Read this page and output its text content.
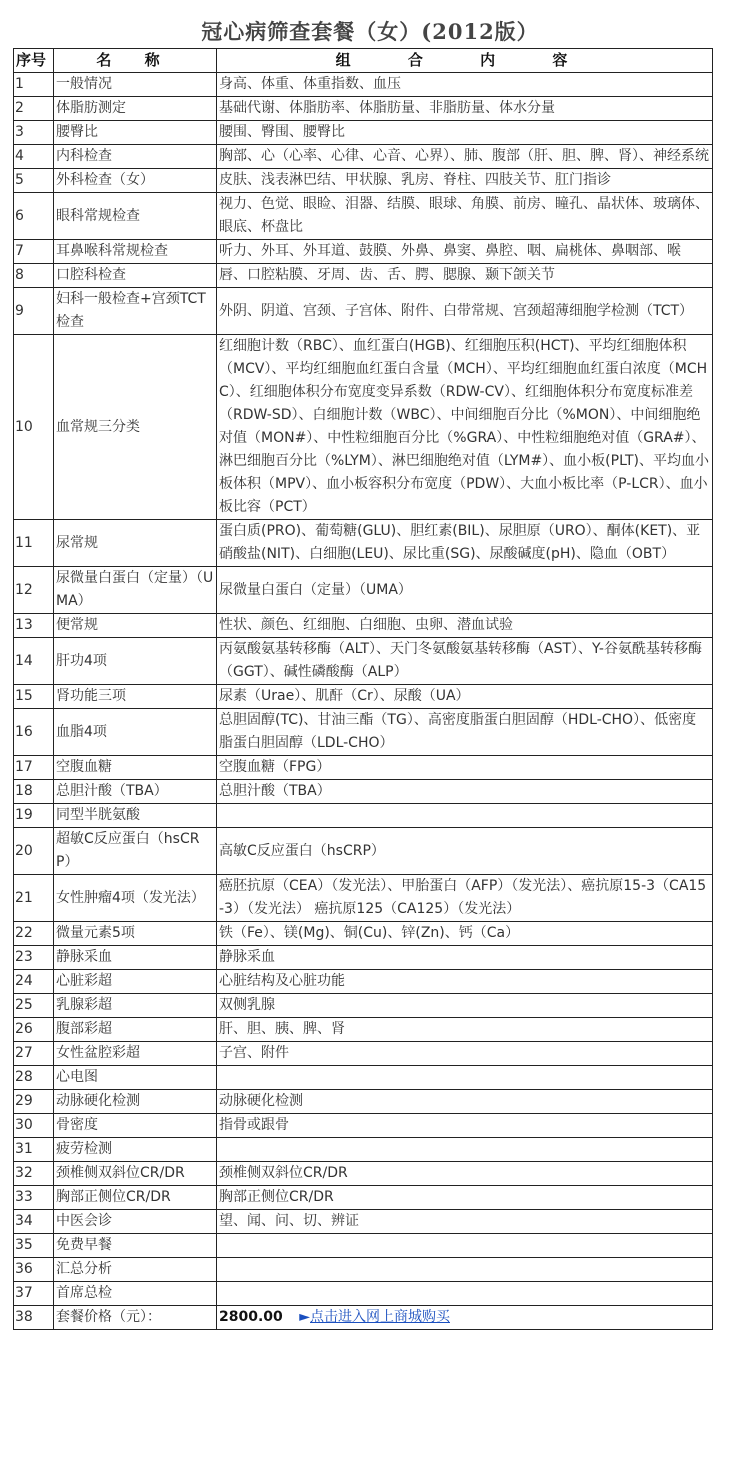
冠心病筛查套餐（女）(2012版）
序号	名 称	组 合 内 容
1	一般情况	身高、体重、体重指数、血压
2	体脂肪测定	基础代谢、体脂肪率、体脂肪量、非脂肪量、体水分量
3	腰臀比	腰围、臀围、腰臀比
4	内科检查	胸部、心（心率、心律、心音、心界）、肺、腹部（肝、胆、脾、肾）、神经系统
5	外科检查（女）	皮肤、浅表淋巴结、甲状腺、乳房、脊柱、四肢关节、肛门指诊
6	眼科常规检查	视力、色觉、眼睑、泪器、结膜、眼球、角膜、前房、瞳孔、晶状体、玻璃体、眼底、杯盘比
7	耳鼻喉科常规检查	听力、外耳、外耳道、鼓膜、外鼻、鼻窦、鼻腔、咽、扁桃体、鼻咽部、喉
8	口腔科检查	唇、口腔粘膜、牙周、齿、舌、腭、腮腺、颞下颌关节
9	妇科一般检查+宫颈TCT检查	外阴、阴道、宫颈、子宫体、附件、白带常规、宫颈超薄细胞学检测（TCT）
10	血常规三分类	红细胞计数（RBC）、血红蛋白(HGB)、红细胞压积(HCT)、平均红细胞体积（MCV）、平均红细胞血红蛋白含量（MCH）、平均红细胞血红蛋白浓度（MCHC）、红细胞体积分布宽度变异系数（RDW-CV）、红细胞体积分布宽度标准差（RDW-SD）、白细胞计数（WBC）、中间细胞百分比（%MON）、中间细胞绝对值（MON#）、中性粒细胞百分比（%GRA）、中性粒细胞绝对值（GRA#）、淋巴细胞百分比（%LYM）、淋巴细胞绝对值（LYM#）、血小板(PLT)、平均血小板体积（MPV）、血小板容积分布宽度（PDW）、大血小板比率（P-LCR）、血小板比容（PCT）
11	尿常规	蛋白质(PRO)、葡萄糖(GLU)、胆红素(BIL)、尿胆原（URO）、酮体(KET)、亚硝酸盐(NIT)、白细胞(LEU)、尿比重(SG)、尿酸碱度(pH)、隐血（OBT）
12	尿微量白蛋白（定量）（UMA）	尿微量白蛋白（定量）（UMA）
13	便常规	性状、颜色、红细胞、白细胞、虫卵、潜血试验
14	肝功4项	丙氨酸氨基转移酶（ALT）、天门冬氨酸氨基转移酶（AST）、Y-谷氨酰基转移酶（GGT）、碱性磷酸酶（ALP）
15	肾功能三项	尿素（Urae）、肌酐（Cr）、尿酸（UA）
16	血脂4项	总胆固醇(TC)、甘油三酯（TG）、高密度脂蛋白胆固醇（HDL-CHO）、低密度脂蛋白胆固醇（LDL-CHO）
17	空腹血糖	空腹血糖（FPG）
18	总胆汁酸（TBA）	总胆汁酸（TBA）
19	同型半胱氨酸	
20	超敏C反应蛋白（hsCRP）	高敏C反应蛋白（hsCRP）
21	女性肿瘤4项（发光法）	癌胚抗原（CEA）（发光法）、甲胎蛋白（AFP）（发光法）、癌抗原15-3（CA15-3）（发光法） 癌抗原125（CA125）（发光法）
22	微量元素5项	铁（Fe）、镁(Mg)、铜(Cu)、锌(Zn)、钙（Ca）
23	静脉采血	静脉采血
24	心脏彩超	心脏结构及心脏功能
25	乳腺彩超	双侧乳腺
26	腹部彩超	肝、胆、胰、脾、肾
27	女性盆腔彩超	子宫、附件
28	心电图	
29	动脉硬化检测	动脉硬化检测
30	骨密度	指骨或跟骨
31	疲劳检测	
32	颈椎侧双斜位CR/DR	颈椎侧双斜位CR/DR
33	胸部正侧位CR/DR	胸部正侧位CR/DR
34	中医会诊	望、闻、问、切、辨证
35	免费早餐	
36	汇总分析	
37	首席总检	
38	套餐价格（元）：	2800.00 ►点击进入网上商城购买
